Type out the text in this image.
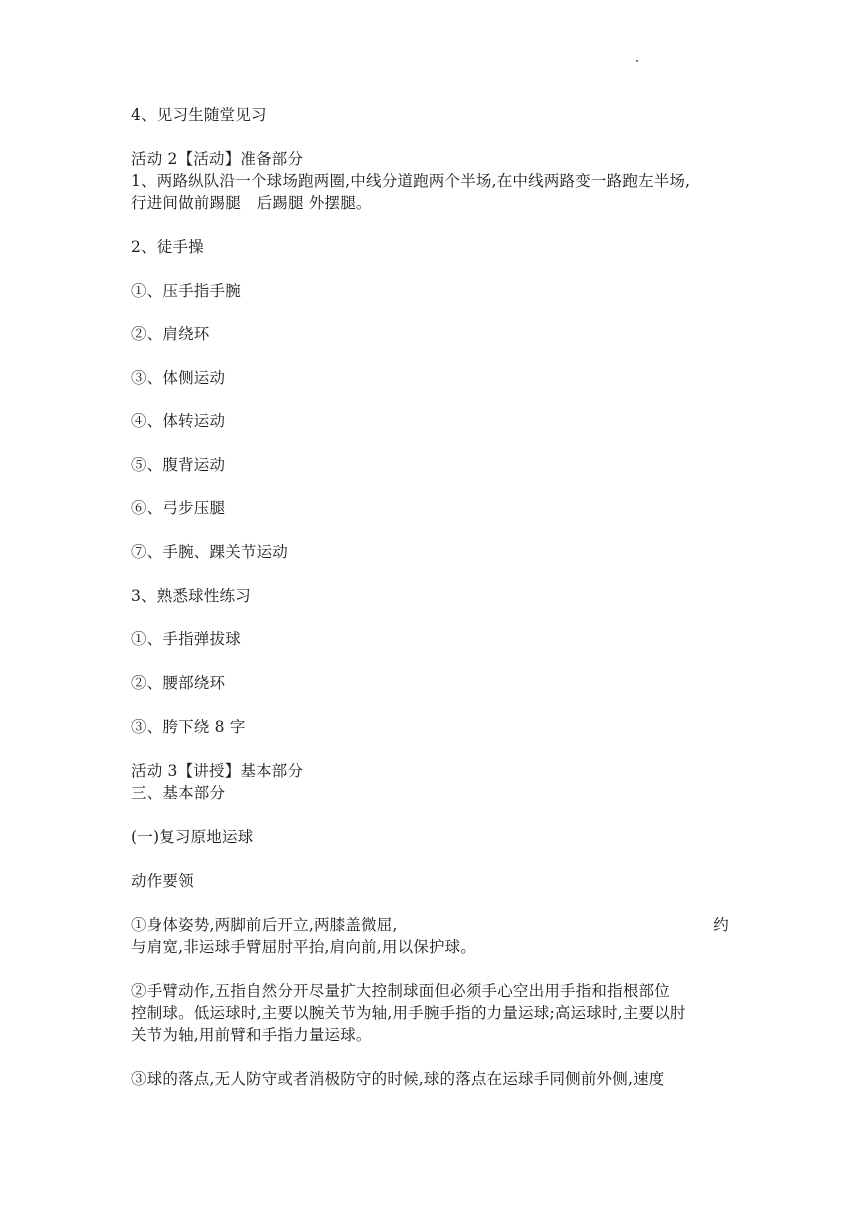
4、见习生随堂见习
活动 2【活动】准备部分
1、两路纵队沿一个球场跑两圈,中线分道跑两个半场,在中线两路变一路跑左半场,
行进间做前踢腿　后踢腿 外摆腿。
2、徒手操
①、压手指手腕
②、肩绕环
③、体侧运动
④、体转运动
⑤、腹背运动
⑥、弓步压腿
⑦、手腕、踝关节运动
3、熟悉球性练习
①、手指弹拔球
②、腰部绕环
③、胯下绕 8 字
活动 3【讲授】基本部分
三、基本部分
(一)复习原地运球
动作要领
①身体姿势,两脚前后开立,两膝盖微屈,	约
与肩宽,非运球手臂屈肘平抬,肩向前,用以保护球。
②手臂动作,五指自然分开尽量扩大控制球面但必须手心空出用手指和指根部位
控制球。低运球时,主要以腕关节为轴,用手腕手指的力量运球;高运球时,主要以肘
关节为轴,用前臂和手指力量运球。
③球的落点,无人防守或者消极防守的时候,球的落点在运球手同侧前外侧,速度
